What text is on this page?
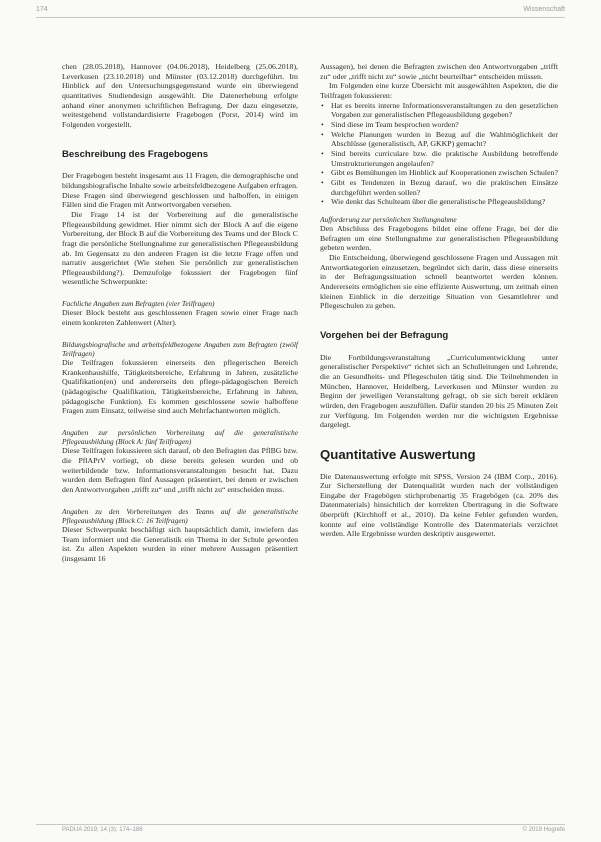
174	Wissenschaft

chen (28.05.2018), Hannover (04.06.2018), Heidelberg (25.06.2018), Leverkusen (23.10.2018) und Münster (03.12.2018) durchgeführt. Im Hinblick auf den Untersuchungsgegenstand wurde ein überwiegend quantitatives Studiendesign ausgewählt. Die Datenerhebung erfolgte anhand einer anonymen schriftlichen Befragung. Der dazu eingesetzte, weitestgehend vollstandardisierte Fragebogen (Porst, 2014) wird im Folgenden vorgestellt.

Beschreibung des Fragebogens

Der Fragebogen besteht insgesamt aus 11 Fragen, die demographische und bildungsbiografische Inhalte sowie arbeitsfeldbezogene Aufgaben erfragen. Diese Fragen sind überwiegend geschlossen und halboffen, in einigen Fällen sind die Fragen mit Antwortvorgaben versehen.

Die Frage 14 ist der Vorbereitung auf die generalistische Pflegeausbildung gewidmet. Hier nimmt sich der Block A auf die eigene Vorbereitung, der Block B auf die Vorbereitung des Teams und der Block C fragt die persönliche Stellungnahme zur generalistischen Pflegeausbildung ab. Im Gegensatz zu den anderen Fragen ist die letzte Frage offen und narrativ ausgerichtet (Wie stehen Sie persönlich zur generalistischen Pflegeausbildung?). Demzufolge fokussiert der Fragebogen fünf wesentliche Schwerpunkte:

Fachliche Angaben zum Befragten (vier Teilfragen)

Dieser Block besteht aus geschlossenen Fragen sowie einer Frage nach einem konkreten Zahlenwert (Alter).

Bildungsbiografische und arbeitsfeldbezogene Angaben zum Befragten (zwölf Teilfragen)

Die Teilfragen fokussieren einerseits den pflegerischen Bereich Krankenhaushilfe, Tätigkeitsbereiche, Erfahrung in Jahren, zusätzliche Qualifikation(en) und andererseits den pflege-pädagogischen Bereich (pädagogische Qualifikation, Tätigkeitsbereiche, Erfahrung in Jahren, pädagogische Funktion). Es kommen geschlossene sowie halboffene Fragen zum Einsatz, teilweise sind auch Mehrfachantworten möglich.

Angaben zur persönlichen Vorbereitung auf die generalistische Pflegeausbildung (Block A: fünf Teilfragen)

Diese Teilfragen fokussieren sich darauf, ob den Befragten das PflBG bzw. die PflAPrV vorliegt, ob diese bereits gelesen wurden und ob weiterbildende bzw. Informationsveranstaltungen besucht hat. Dazu wurden dem Befragten fünf Aussagen präsentiert, bei denen er zwischen den Antwortvorgaben „trifft zu“ und „trifft nicht zu“ entscheiden muss.

Angaben zu den Vorbereitungen des Teams auf die generalistische Pflegeausbildung (Block C: 16 Teilfragen)

Dieser Schwerpunkt beschäftigt sich hauptsächlich damit, inwiefern das Team informiert und die Generalistik ein Thema in der Schule geworden ist. Zu allen Aspekten wurden in einer mehrere Aussagen präsentiert (insgesamt 16

Aussagen), bei denen die Befragten zwischen den Antwortvorgaben „trifft zu“ oder „trifft nicht zu“ sowie „nicht beurteilbar“ entscheiden müssen.

Im Folgenden eine kurze Übersicht mit ausgewählten Aspekten, die die Teilfragen fokussieren:

• Hat es bereits interne Informationsveranstaltungen zu den gesetzlichen Vorgaben zur generalistischen Pflegeausbildung gegeben?
• Sind diese im Team besprochen worden?
• Welche Planungen wurden in Bezug auf die Wahlmöglichkeit der Abschlüsse (generalistisch, AP, GKKP) gemacht?
• Sind bereits curriculare bzw. die praktische Ausbildung betreffende Umstrukturierungen angelaufen?
• Gibt es Bemühungen im Hinblick auf Kooperationen zwischen Schulen?
• Gibt es Tendenzen in Bezug darauf, wo die praktischen Einsätze durchgeführt werden sollen?
• Wie denkt das Schulteam über die generalistische Pflegeausbildung?
Aufforderung zur persönlichen Stellungnahme

Den Abschluss des Fragebogens bildet eine offene Frage, bei der die Befragten um eine Stellungnahme zur generalistischen Pflegeausbildung gebeten werden.

Die Entscheidung, überwiegend geschlossene Fragen und Aussagen mit Antwortkategorien einzusetzen, begründet sich darin, dass diese einerseits in der Befragungssituation schnell beantwortet werden können. Andererseits ermöglichen sie eine effiziente Auswertung, um zeitnah einen kleinen Einblick in die derzeitige Situation von Gesamtlehrer und Pflegeschulen zu geben.

Vorgehen bei der Befragung

Die Fortbildungsveranstaltung „Curriculumentwicklung unter generalistischer Perspektive“ richtet sich an Schulleitungen und Lehrende, die an Gesundheits- und Pflegeschulen tätig sind. Die Teilnehmenden in München, Hannover, Heidelberg, Leverkusen und Münster wurden zu Beginn der jeweiligen Veranstaltung gefragt, ob sie sich bereit erklären würden, den Fragebogen auszufüllen. Dafür standen 20 bis 25 Minuten Zeit zur Verfügung. Im Folgenden werden nur die wichtigsten Ergebnisse dargelegt.

Quantitative Auswertung

Die Datenauswertung erfolgte mit SPSS, Version 24 (IBM Corp., 2016). Zur Sicherstellung der Datenqualität wurden nach der vollständigen Eingabe der Fragebögen stichprobenartig 35 Fragebögen (ca. 20% des Datenmaterials) hinsichtlich der korrekten Übertragung in die Software überprüft (Kirchhoff et al., 2010). Da keine Fehler gefunden wurden, konnte auf eine vollständige Kontrolle des Datenmaterials verzichtet werden. Alle Ergebnisse wurden deskriptiv ausgewertet.

PADUA 2019; 14 (3): 174–186	© 2019 Hogrefe
